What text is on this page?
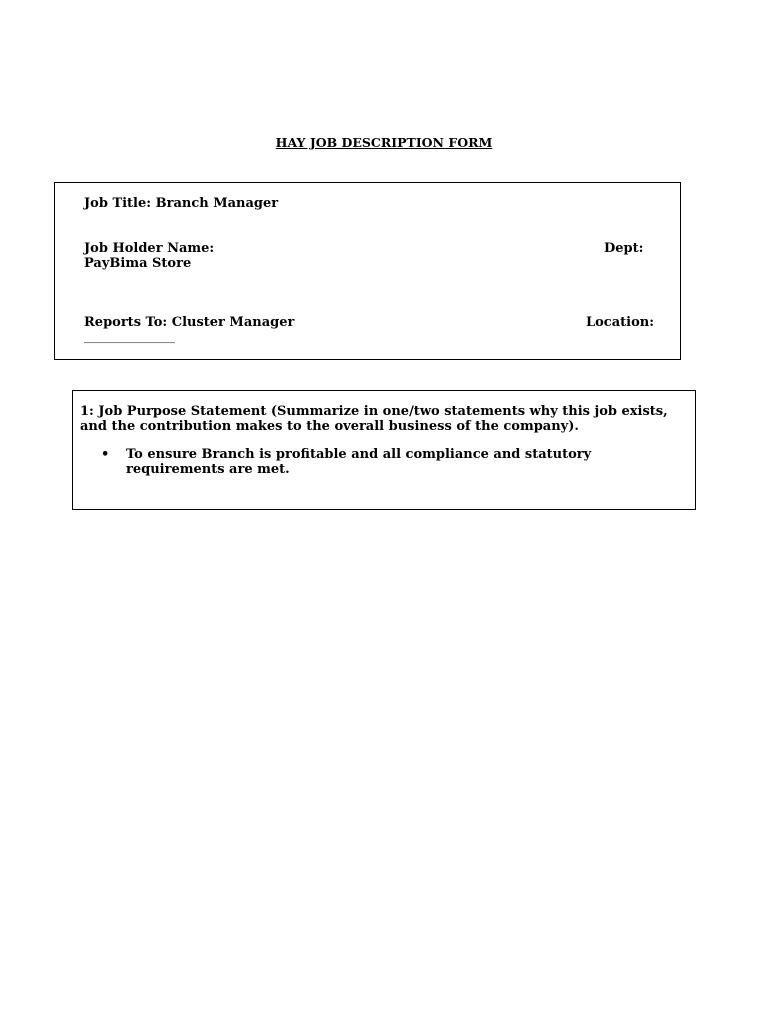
HAY JOB DESCRIPTION FORM
Job Title: Branch Manager
Job Holder Name:	Dept:
PayBima Store
Reports To: Cluster Manager	Location:
______________
1: Job Purpose Statement (Summarize in one/two statements why this job exists, and the contribution makes to the overall business of the company).
• To ensure Branch is profitable and all compliance and statutory requirements are met.
